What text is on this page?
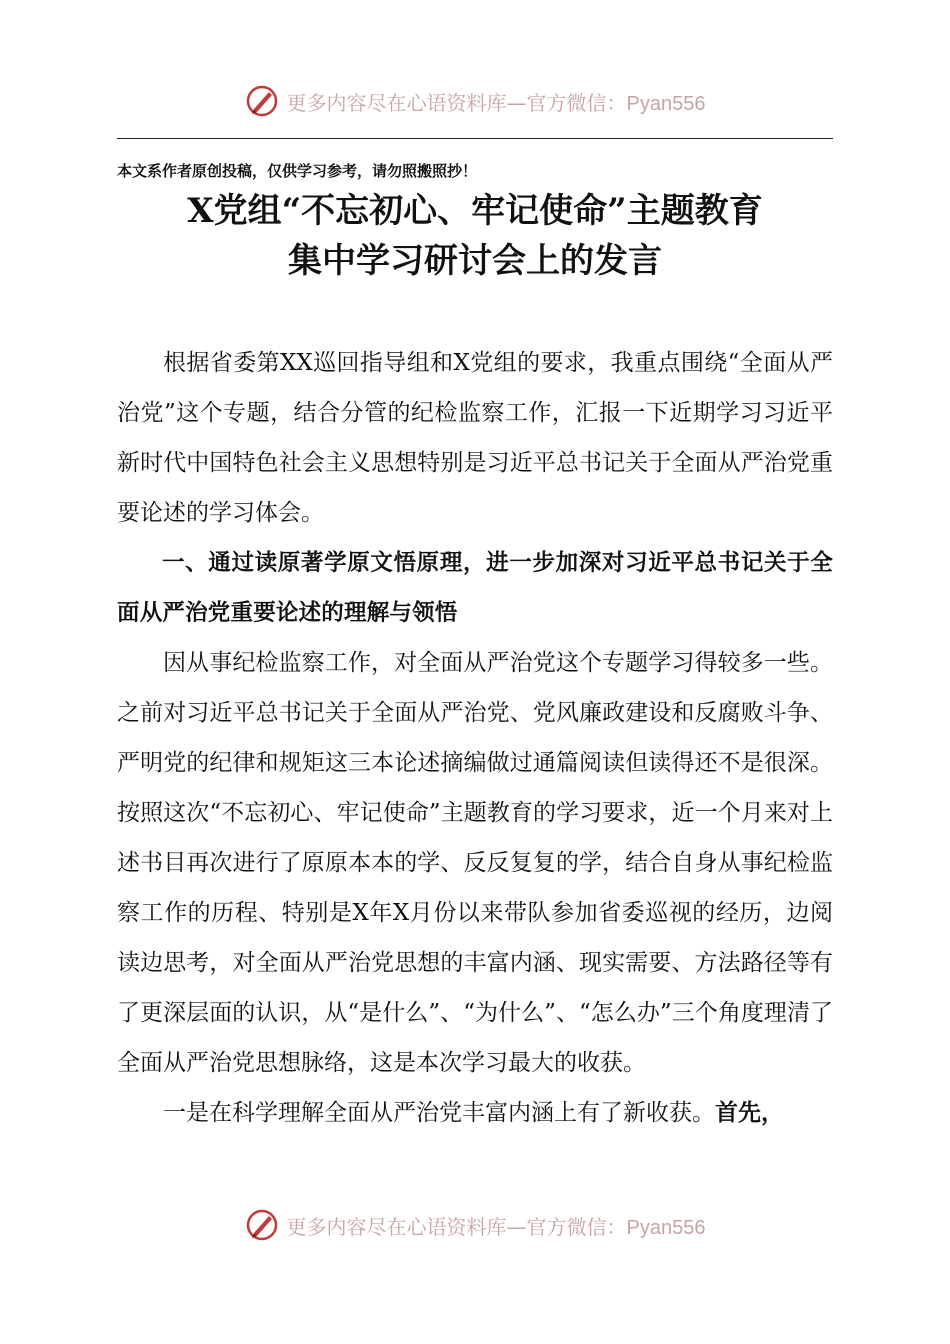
更多内容尽在心语资料库—官方微信：Pyan556
本文系作者原创投稿，仅供学习参考，请勿照搬照抄！
X党组“不忘初心、牢记使命”主题教育
集中学习研讨会上的发言

根据省委第XX巡回指导组和X党组的要求，我重点围绕“全面从严治党”这个专题，结合分管的纪检监察工作，汇报一下近期学习习近平新时代中国特色社会主义思想特别是习近平总书记关于全面从严治党重要论述的学习体会。

一、通过读原著学原文悟原理，进一步加深对习近平总书记关于全面从严治党重要论述的理解与领悟

因从事纪检监察工作，对全面从严治党这个专题学习得较多一些。之前对习近平总书记关于全面从严治党、党风廉政建设和反腐败斗争、严明党的纪律和规矩这三本论述摘编做过通篇阅读但读得还不是很深。按照这次“不忘初心、牢记使命”主题教育的学习要求，近一个月来对上述书目再次进行了原原本本的学、反反复复的学，结合自身从事纪检监察工作的历程、特别是X年X月份以来带队参加省委巡视的经历，边阅读边思考，对全面从严治党思想的丰富内涵、现实需要、方法路径等有了更深层面的认识，从“是什么”、“为什么”、“怎么办”三个角度理清了全面从严治党思想脉络，这是本次学习最大的收获。

一是在科学理解全面从严治党丰富内涵上有了新收获。首先，

更多内容尽在心语资料库—官方微信：Pyan556
